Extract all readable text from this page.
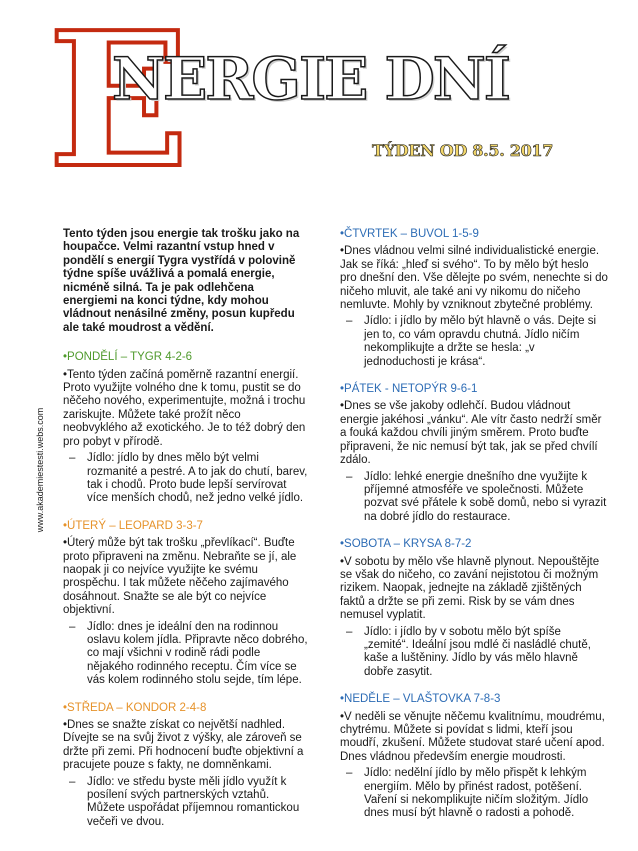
E
NERGIE DNÍ
TÝDEN OD 8.5. 2017
www.akademiestesti.webs.com

Tento týden jsou energie tak trošku jako na houpačce. Velmi razantní vstup hned v pondělí s energií Tygra vystřídá v polovině týdne spíše uvážlivá a pomalá energie, nicméně silná. Ta je pak odlehčena energiemi na konci týdne, kdy mohou vládnout nenásilné změny, posun kupředu ale také moudrost a vědění.

•PONDĚLÍ – TYGR 4-2-6

•Tento týden začíná poměrně razantní energií. Proto využijte volného dne k tomu, pustit se do něčeho nového, experimentujte, možná i trochu zariskujte. Můžete také prožít něco neobvyklého až exotického. Je to též dobrý den pro pobyt v přírodě.

– Jídlo: jídlo by dnes mělo být velmi rozmanité a pestré. A to jak do chutí, barev, tak i chodů. Proto bude lepší servírovat více menších chodů, než jedno velké jídlo.

•ÚTERÝ – LEOPARD 3-3-7

•Úterý může být tak trošku „převlíkací“. Buďte proto připraveni na změnu. Nebraňte se jí, ale naopak ji co nejvíce využijte ke svému prospěchu. I tak můžete něčeho zajímavého dosáhnout. Snažte se ale být co nejvíce objektivní.

– Jídlo: dnes je ideální den na rodinnou oslavu kolem jídla. Připravte něco dobrého, co mají všichni v rodině rádi podle nějakého rodinného receptu. Čím více se vás kolem rodinného stolu sejde, tím lépe.

•STŘEDA – KONDOR 2-4-8

•Dnes se snažte získat co největší nadhled. Dívejte se na svůj život z výšky, ale zároveň se držte při zemi. Při hodnocení buďte objektivní a pracujete pouze s fakty, ne domněnkami.

– Jídlo: ve středu byste měli jídlo využít k posílení svých partnerských vztahů. Můžete uspořádat příjemnou romantickou večeři ve dvou.

•ČTVRTEK – BUVOL 1-5-9

•Dnes vládnou velmi silné individualistické energie. Jak se říká: „hleď si svého“. To by mělo být heslo pro dnešní den. Vše dělejte po svém, nenechte si do ničeho mluvit, ale také ani vy nikomu do ničeho nemluvte. Mohly by vzniknout zbytečné problémy.

– Jídlo: i jídlo by mělo být hlavně o vás. Dejte si jen to, co vám opravdu chutná. Jídlo ničím nekomplikujte a držte se hesla: „v jednoduchosti je krása“.

•PÁTEK - NETOPÝR 9-6-1

•Dnes se vše jakoby odlehčí. Budou vládnout energie jakéhosi „vánku“. Ale vítr často nedrží směr a fouká každou chvíli jiným směrem. Proto buďte připraveni, že nic nemusí být tak, jak se před chvílí zdálo.

– Jídlo: lehké energie dnešního dne využijte k příjemné atmosféře ve společnosti. Můžete pozvat své přátele k sobě domů, nebo si vyrazit na dobré jídlo do restaurace.

•SOBOTA – KRYSA 8-7-2

•V sobotu by mělo vše hlavně plynout. Nepouštějte se však do ničeho, co zavání nejistotou či možným rizikem. Naopak, jednejte na základě zjištěných faktů a držte se při zemi. Risk by se vám dnes nemusel vyplatit.

– Jídlo: i jídlo by v sobotu mělo být spíše „zemité“. Ideální jsou mdlé či nasládlé chutě, kaše a luštěniny. Jídlo by vás mělo hlavně dobře zasytit.

•NEDĚLE – VLAŠTOVKA 7-8-3

•V neděli se věnujte něčemu kvalitnímu, moudrému, chytrému. Můžete si povídat s lidmi, kteří jsou moudří, zkušení. Můžete studovat staré učení apod. Dnes vládnou především energie moudrosti.

– Jídlo: nedělní jídlo by mělo přispět k lehkým energiím. Mělo by přinést radost, potěšení. Vaření si nekomplikujte ničím složitým. Jídlo dnes musí být hlavně o radosti a pohodě.
